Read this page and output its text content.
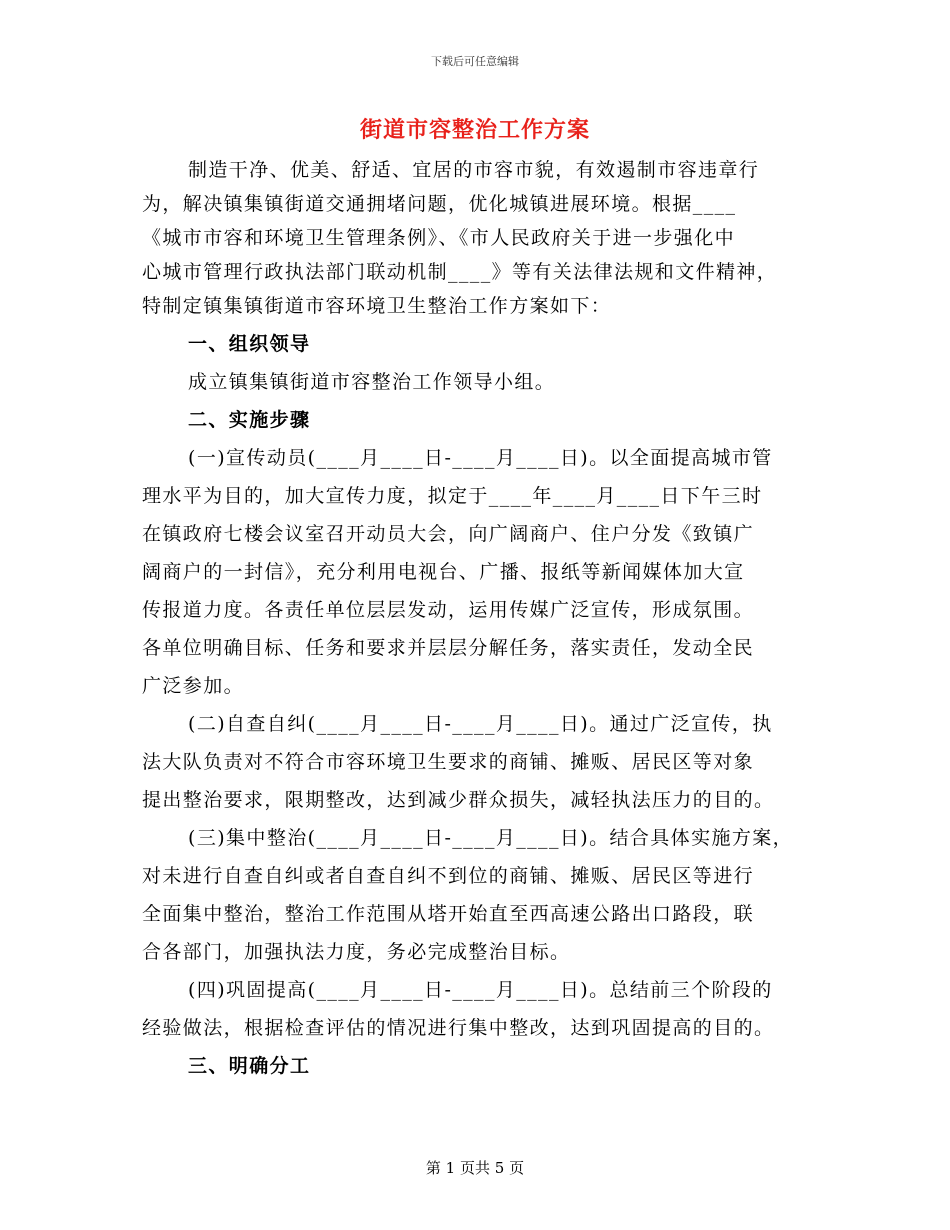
下载后可任意编辑
街道市容整治工作方案
制造干净、优美、舒适、宜居的市容市貌，有效遏制市容违章行
为，解决镇集镇街道交通拥堵问题，优化城镇进展环境。根据____
《城市市容和环境卫生管理条例》、《市人民政府关于进一步强化中
心城市管理行政执法部门联动机制____》等有关法律法规和文件精神，
特制定镇集镇街道市容环境卫生整治工作方案如下：
一、组织领导
成立镇集镇街道市容整治工作领导小组。
二、实施步骤
(一)宣传动员(____月____日-____月____日)。以全面提高城市管
理水平为目的，加大宣传力度，拟定于____年____月____日下午三时
在镇政府七楼会议室召开动员大会，向广阔商户、住户分发《致镇广
阔商户的一封信》，充分利用电视台、广播、报纸等新闻媒体加大宣
传报道力度。各责任单位层层发动，运用传媒广泛宣传，形成氛围。
各单位明确目标、任务和要求并层层分解任务，落实责任，发动全民
广泛参加。
(二)自查自纠(____月____日-____月____日)。通过广泛宣传，执
法大队负责对不符合市容环境卫生要求的商铺、摊贩、居民区等对象
提出整治要求，限期整改，达到减少群众损失，减轻执法压力的目的。
(三)集中整治(____月____日-____月____日)。结合具体实施方案，
对未进行自查自纠或者自查自纠不到位的商铺、摊贩、居民区等进行
全面集中整治，整治工作范围从塔开始直至西高速公路出口路段，联
合各部门，加强执法力度，务必完成整治目标。
(四)巩固提高(____月____日-____月____日)。总结前三个阶段的
经验做法，根据检查评估的情况进行集中整改，达到巩固提高的目的。
三、明确分工
第 1 页共 5 页
